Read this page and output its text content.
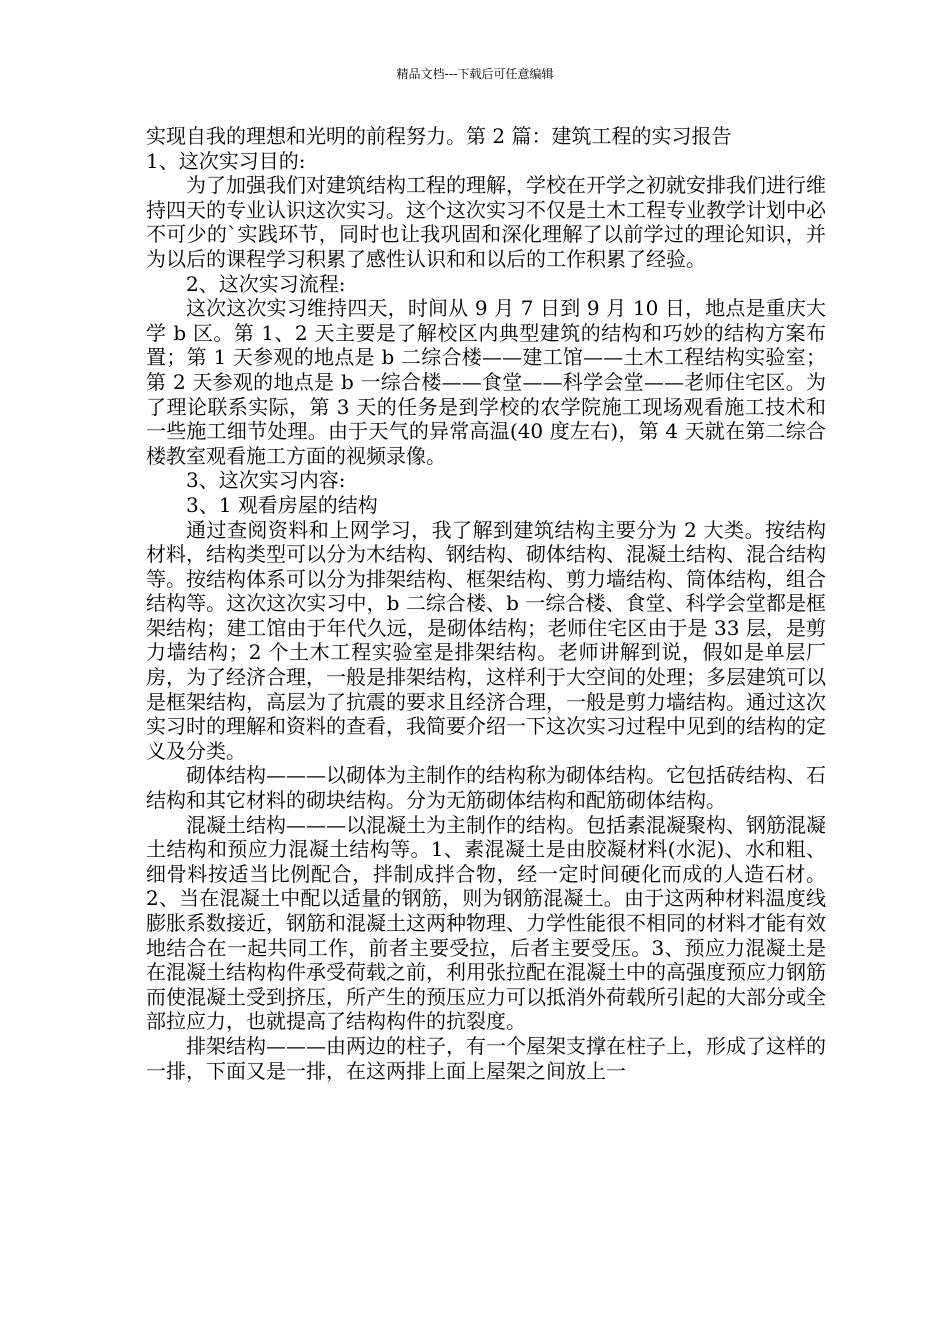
精品文档---下载后可任意编辑

实现自我的理想和光明的前程努力。第 2 篇：建筑工程的实习报告

1、这次实习目的:

为了加强我们对建筑结构工程的理解，学校在开学之初就安排我们进行维持四天的专业认识这次实习。这个这次实习不仅是土木工程专业教学计划中必不可少的`实践环节，同时也让我巩固和深化理解了以前学过的理论知识，并为以后的课程学习积累了感性认识和和以后的工作积累了经验。

2、这次实习流程:

这次这次实习维持四天，时间从 9 月 7 日到 9 月 10 日，地点是重庆大学 b 区。第 1、2 天主要是了解校区内典型建筑的结构和巧妙的结构方案布置；第 1 天参观的地点是 b 二综合楼——建工馆——土木工程结构实验室；第 2 天参观的地点是 b 一综合楼——食堂——科学会堂——老师住宅区。为了理论联系实际，第 3 天的任务是到学校的农学院施工现场观看施工技术和一些施工细节处理。由于天气的异常高温(40 度左右)，第 4 天就在第二综合楼教室观看施工方面的视频录像。

3、这次实习内容:

3、1 观看房屋的结构

通过查阅资料和上网学习，我了解到建筑结构主要分为 2 大类。按结构材料，结构类型可以分为木结构、钢结构、砌体结构、混凝土结构、混合结构等。按结构体系可以分为排架结构、框架结构、剪力墙结构、筒体结构，组合结构等。这次这次实习中，b 二综合楼、b 一综合楼、食堂、科学会堂都是框架结构；建工馆由于年代久远，是砌体结构；老师住宅区由于是 33 层，是剪力墙结构；2 个土木工程实验室是排架结构。老师讲解到说，假如是单层厂房，为了经济合理，一般是排架结构，这样利于大空间的处理；多层建筑可以是框架结构，高层为了抗震的要求且经济合理，一般是剪力墙结构。通过这次实习时的理解和资料的查看，我简要介绍一下这次实习过程中见到的结构的定义及分类。

砌体结构———以砌体为主制作的结构称为砌体结构。它包括砖结构、石结构和其它材料的砌块结构。分为无筋砌体结构和配筋砌体结构。

混凝土结构———以混凝土为主制作的结构。包括素混凝聚构、钢筋混凝土结构和预应力混凝土结构等。1、素混凝土是由胶凝材料(水泥)、水和粗、细骨料按适当比例配合，拌制成拌合物，经一定时间硬化而成的人造石材。2、当在混凝土中配以适量的钢筋，则为钢筋混凝土。由于这两种材料温度线膨胀系数接近，钢筋和混凝土这两种物理、力学性能很不相同的材料才能有效地结合在一起共同工作，前者主要受拉，后者主要受压。3、预应力混凝土是在混凝土结构构件承受荷载之前，利用张拉配在混凝土中的高强度预应力钢筋而使混凝土受到挤压，所产生的预压应力可以抵消外荷载所引起的大部分或全部拉应力，也就提高了结构构件的抗裂度。

排架结构———由两边的柱子，有一个屋架支撑在柱子上，形成了这样的一排，下面又是一排，在这两排上面上屋架之间放上一
